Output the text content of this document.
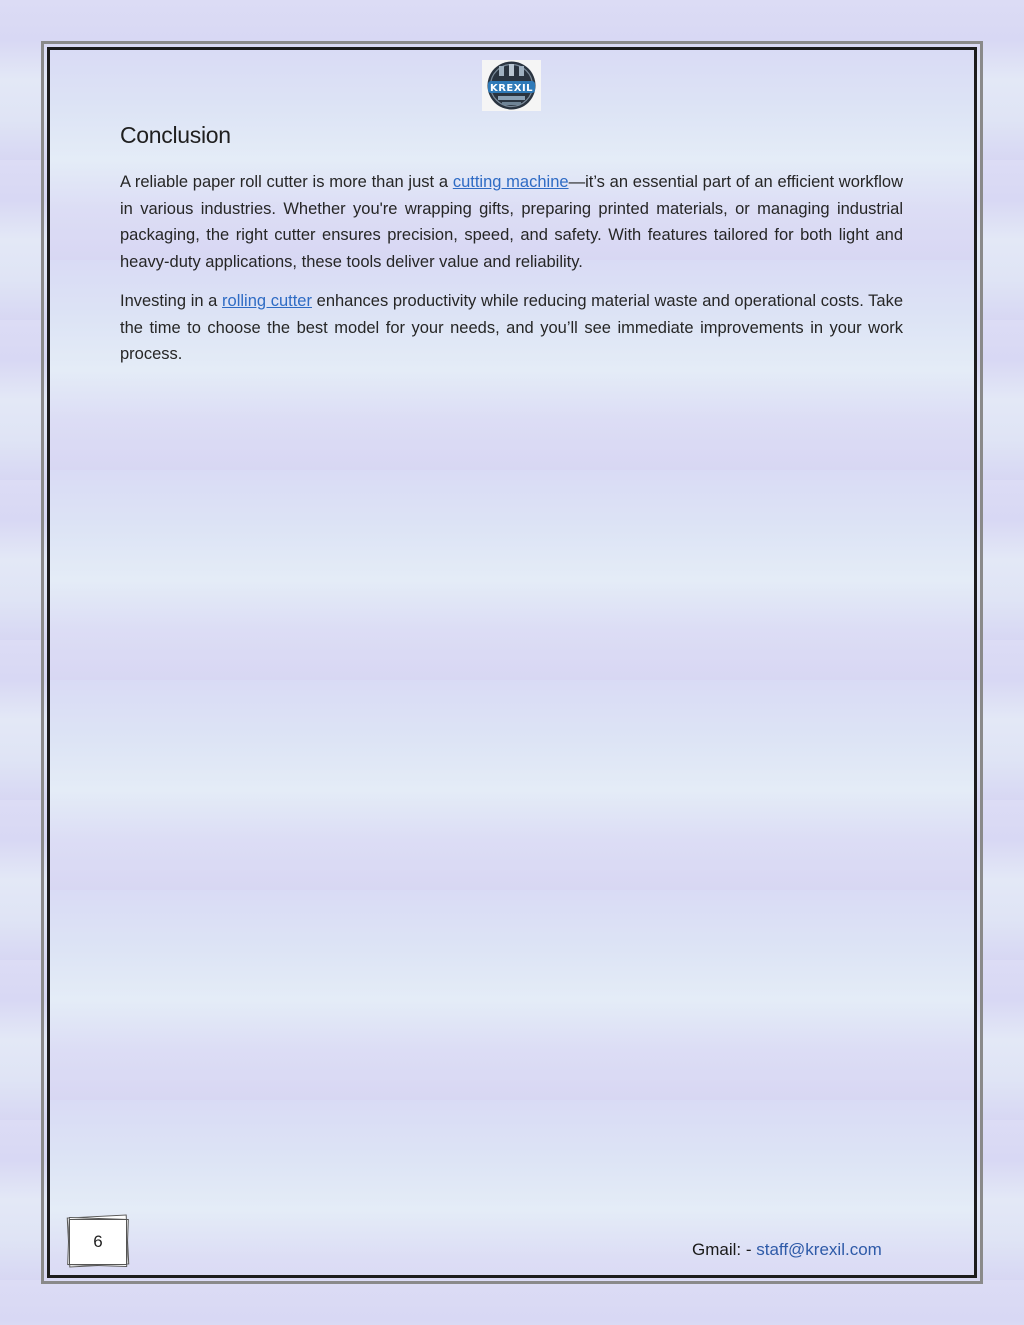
KREXIL
Conclusion

A reliable paper roll cutter is more than just a cutting machine—it’s an essential part of an efficient workflow in various industries. Whether you're wrapping gifts, preparing printed materials, or managing industrial packaging, the right cutter ensures precision, speed, and safety. With features tailored for both light and heavy-duty applications, these tools deliver value and reliability.

Investing in a rolling cutter enhances productivity while reducing material waste and operational costs. Take the time to choose the best model for your needs, and you’ll see immediate improvements in your work process.

6	Gmail: - staff@krexil.com
